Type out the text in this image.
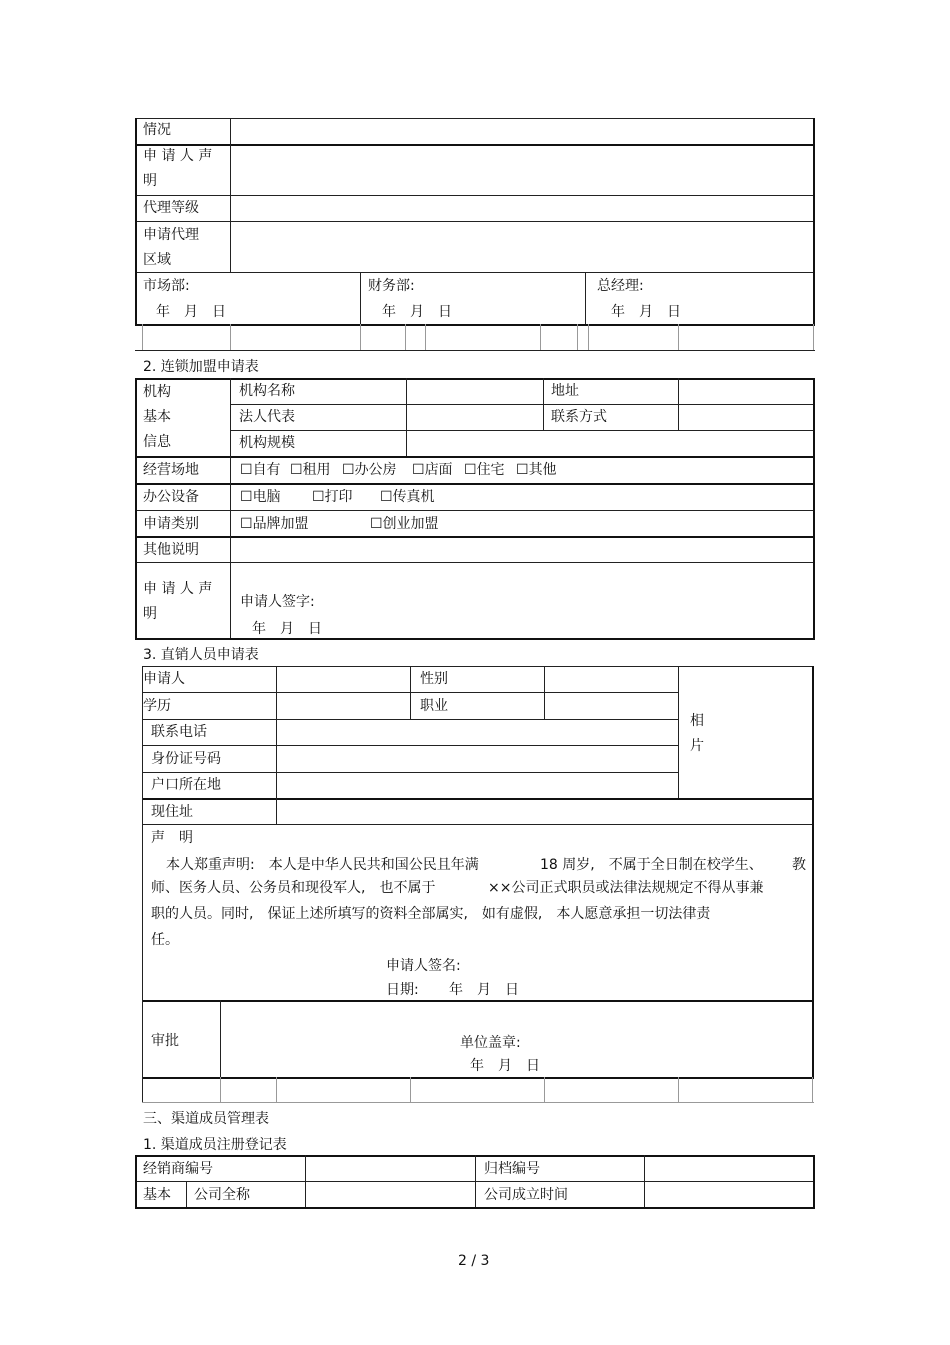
情况
申 请 人 声
明
代理等级
申请代理
区域
市场部:
年　月　日
财务部:
年　月　日
总经理:
年　月　日
2. 连锁加盟申请表
机构
基本
信息
机构名称	地址
法人代表	联系方式
机构规模
经营场地	☐自有 ☐租用 ☐办公房 ☐店面 ☐住宅 ☐其他
办公设备	☐电脑 ☐打印 ☐传真机
申请类别	☐品牌加盟	☐创业加盟
其他说明
申 请 人 声
明
申请人签字:
年　月　日
3. 直销人员申请表
申请人	性别
学历	职业
相
片
联系电话
身份证号码
户口所在地
现住址
声　明
本人郑重声明:　本人是中华人民共和国公民且年满	18 周岁,　不属于全日制在校学生、 教
师、医务人员、公务员和现役军人,　也不属于	××公司正式职员或法律法规规定不得从事兼
职的人员。同时,　保证上述所填写的资料全部属实,　如有虚假,　本人愿意承担一切法律责
任。
申请人签名:
日期: 年　月　日
审批	单位盖章:
年　月　日
三、渠道成员管理表
1. 渠道成员注册登记表
经销商编号	归档编号
基本 公司全称	公司成立时间
2 / 3
